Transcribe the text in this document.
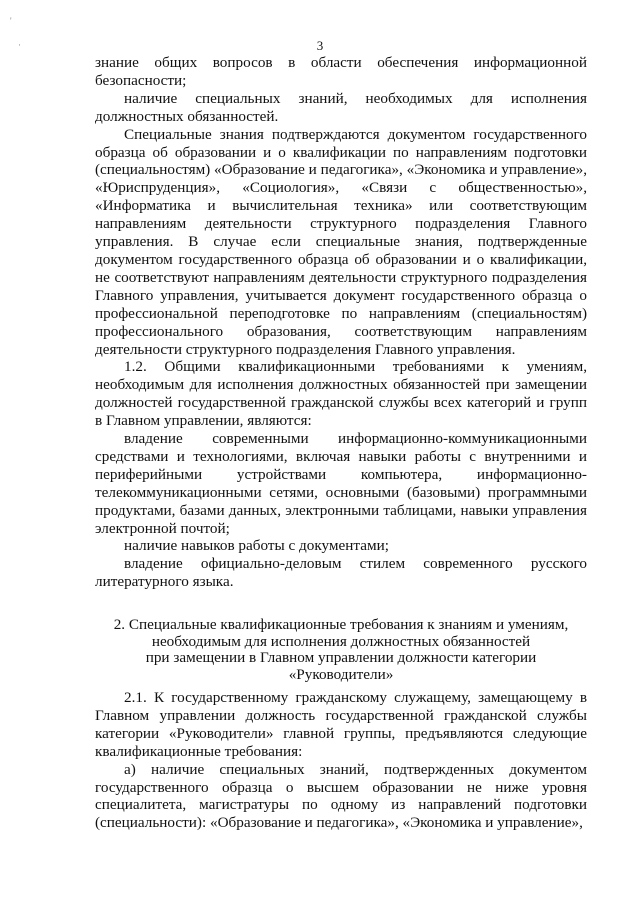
'
·	3

знание общих вопросов в области обеспечения информационной безопасности;

наличие специальных знаний, необходимых для исполнения должностных обязанностей.

Специальные знания подтверждаются документом государственного образца об образовании и о квалификации по направлениям подготовки (специальностям) «Образование и педагогика», «Экономика и управление», «Юриспруденция», «Социология», «Связи с общественностью», «Информатика и вычислительная техника» или соответствующим направлениям деятельности структурного подразделения Главного управления. В случае если специальные знания, подтвержденные документом государственного образца об образовании и о квалификации, не соответствуют направлениям деятельности структурного подразделения Главного управления, учитывается документ государственного образца о профессиональной переподготовке по направлениям (специальностям) профессионального образования, соответствующим направлениям деятельности структурного подразделения Главного управления.

1.2. Общими квалификационными требованиями к умениям, необходимым для исполнения должностных обязанностей при замещении должностей государственной гражданской службы всех категорий и групп в Главном управлении, являются:

владение современными информационно-коммуникационными средствами и технологиями, включая навыки работы с внутренними и периферийными устройствами компьютера, информационно-телекоммуникационными сетями, основными (базовыми) программными продуктами, базами данных, электронными таблицами, навыки управления электронной почтой;

наличие навыков работы с документами;

владение официально-деловым стилем современного русского литературного языка.

2. Специальные квалификационные требования к знаниям и умениям,
необходимым для исполнения должностных обязанностей
при замещении в Главном управлении должности категории
«Руководители»

2.1. К государственному гражданскому служащему, замещающему в Главном управлении должность государственной гражданской службы категории «Руководители» главной группы, предъявляются следующие квалификационные требования:

а) наличие специальных знаний, подтвержденных документом государственного образца о высшем образовании не ниже уровня специалитета, магистратуры по одному из направлений подготовки (специальности): «Образование и педагогика», «Экономика и управление»,
